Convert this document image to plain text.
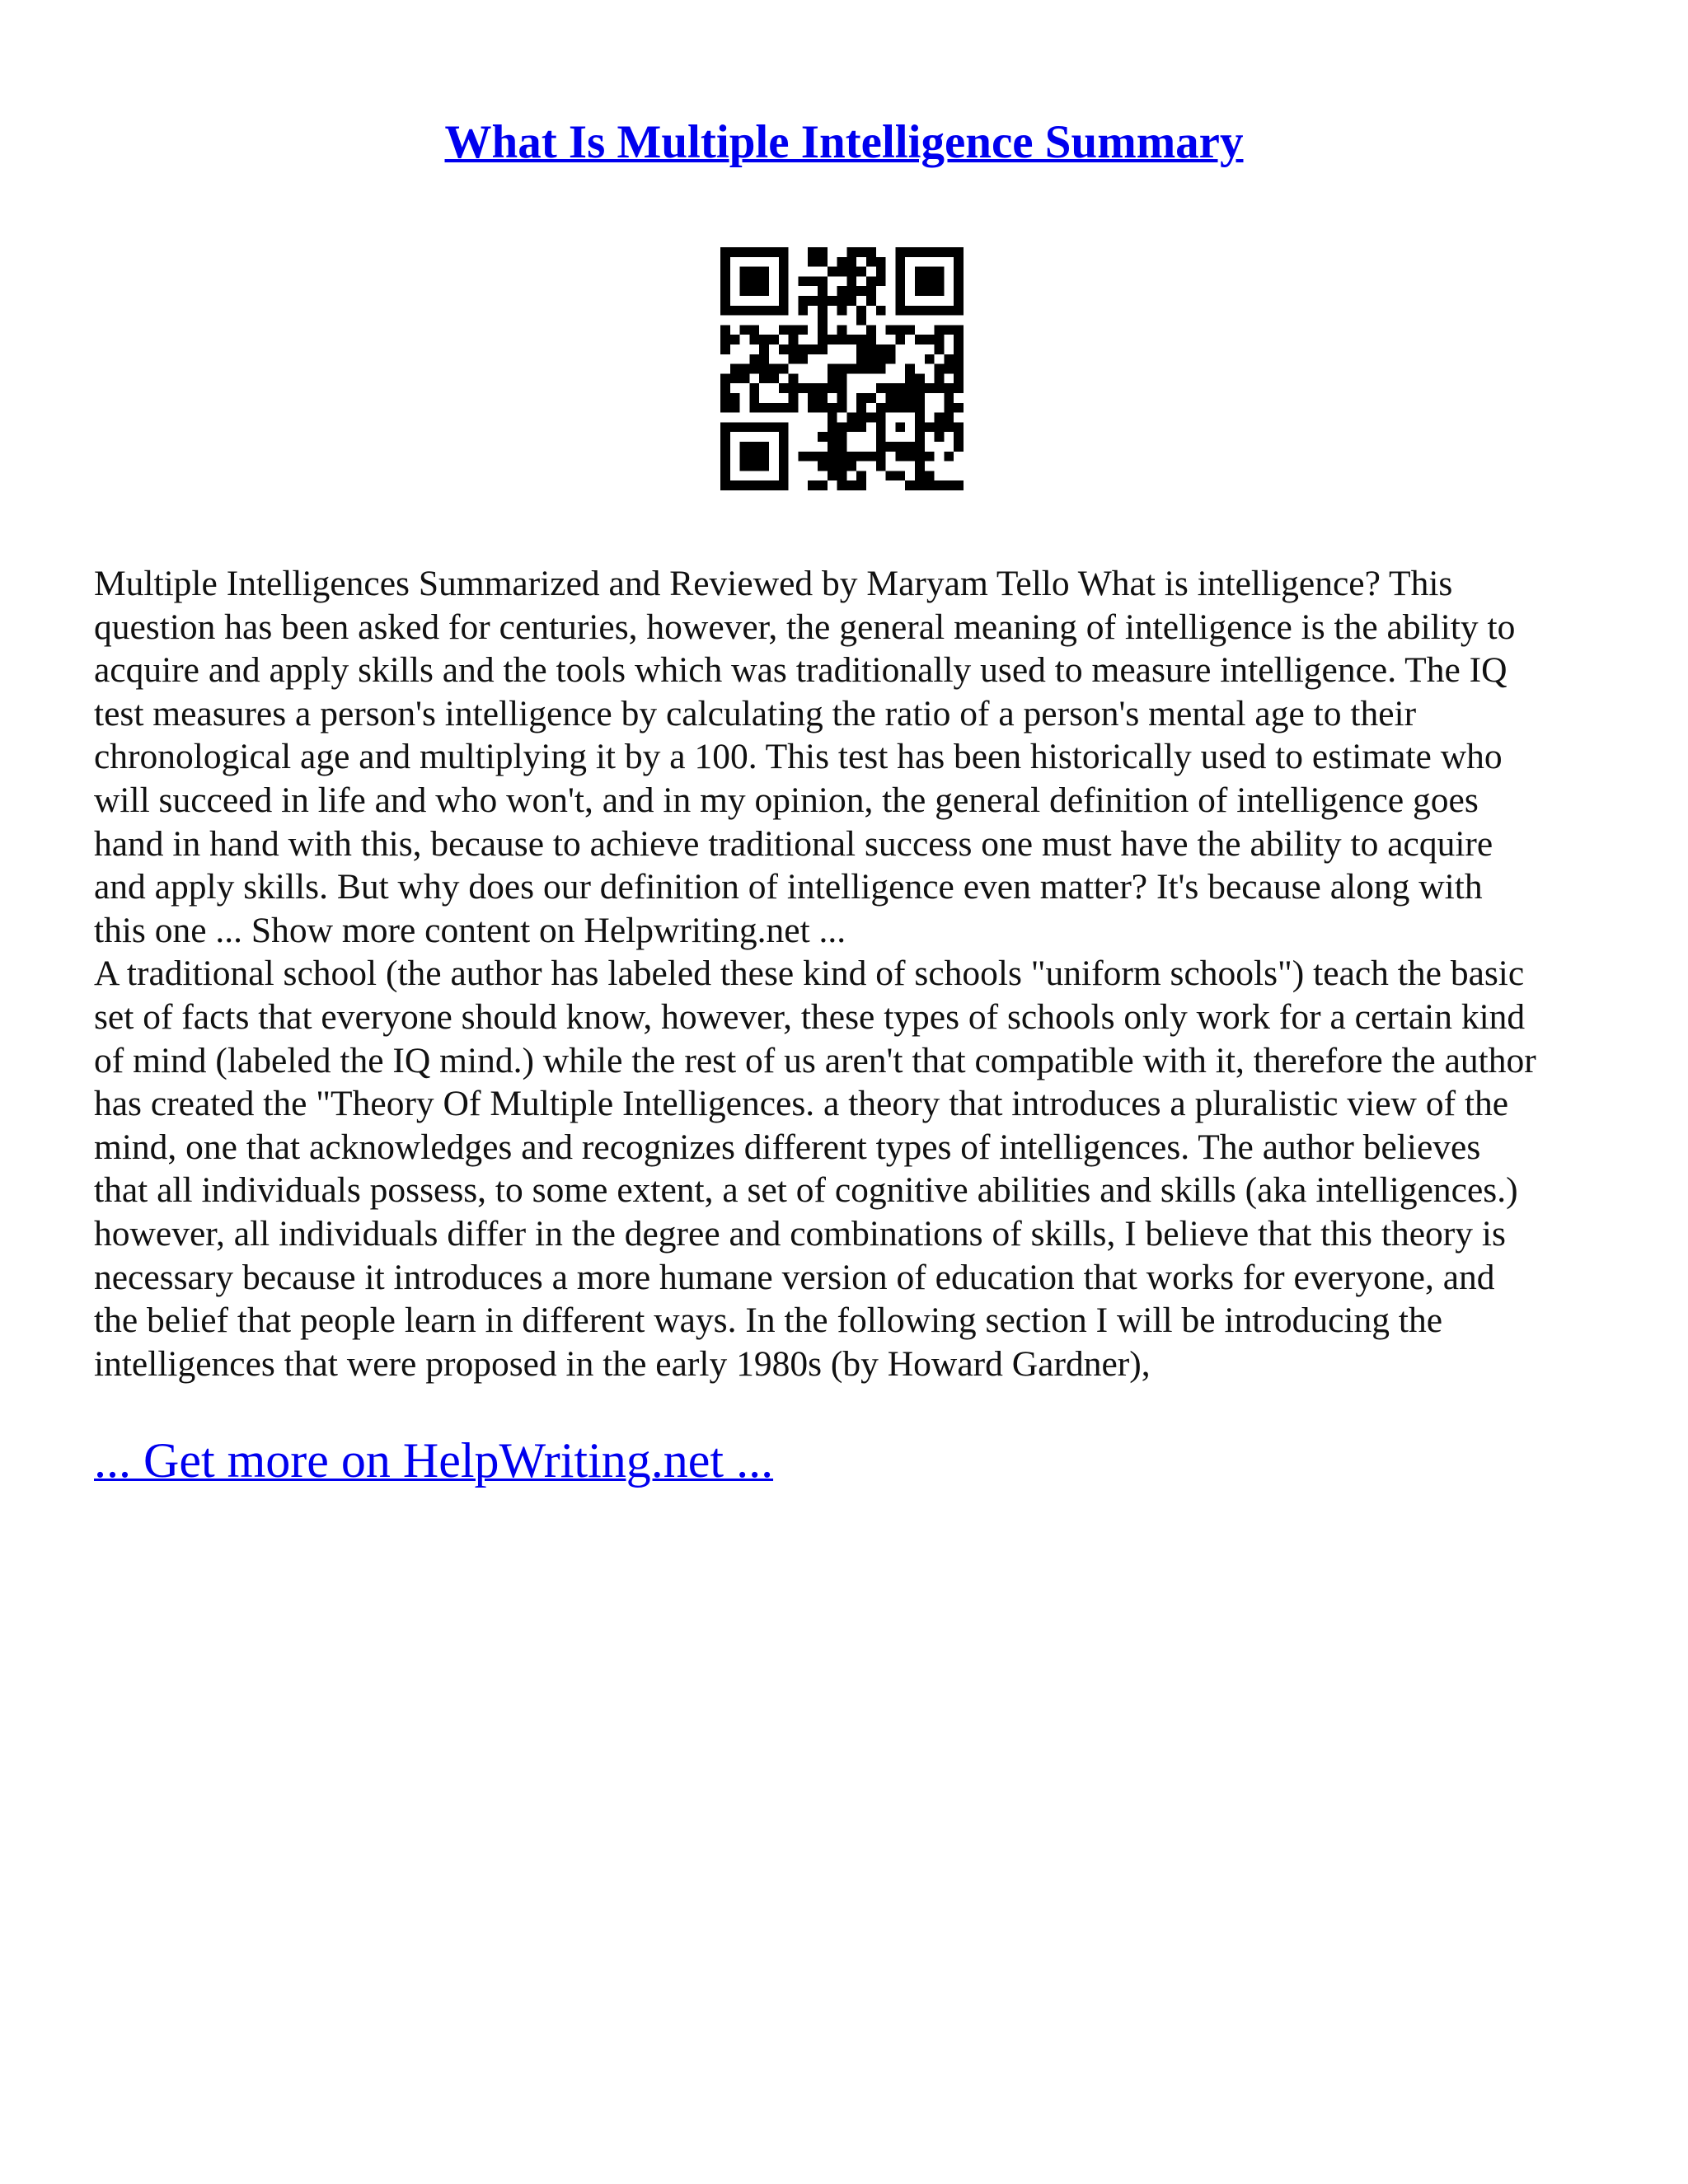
What Is Multiple Intelligence Summary
Multiple Intelligences Summarized and Reviewed by Maryam Tello What is intelligence? This
question has been asked for centuries, however, the general meaning of intelligence is the ability to
acquire and apply skills and the tools which was traditionally used to measure intelligence. The IQ
test measures a person's intelligence by calculating the ratio of a person's mental age to their
chronological age and multiplying it by a 100. This test has been historically used to estimate who
will succeed in life and who won't, and in my opinion, the general definition of intelligence goes
hand in hand with this, because to achieve traditional success one must have the ability to acquire
and apply skills. But why does our definition of intelligence even matter? It's because along with
this one ... Show more content on Helpwriting.net ...
A traditional school (the author has labeled these kind of schools "uniform schools") teach the basic
set of facts that everyone should know, however, these types of schools only work for a certain kind
of mind (labeled the IQ mind.) while the rest of us aren't that compatible with it, therefore the author
has created the "Theory Of Multiple Intelligences. a theory that introduces a pluralistic view of the
mind, one that acknowledges and recognizes different types of intelligences. The author believes
that all individuals possess, to some extent, a set of cognitive abilities and skills (aka intelligences.)
however, all individuals differ in the degree and combinations of skills, I believe that this theory is
necessary because it introduces a more humane version of education that works for everyone, and
the belief that people learn in different ways. In the following section I will be introducing the
intelligences that were proposed in the early 1980s (by Howard Gardner),
... Get more on HelpWriting.net ...
